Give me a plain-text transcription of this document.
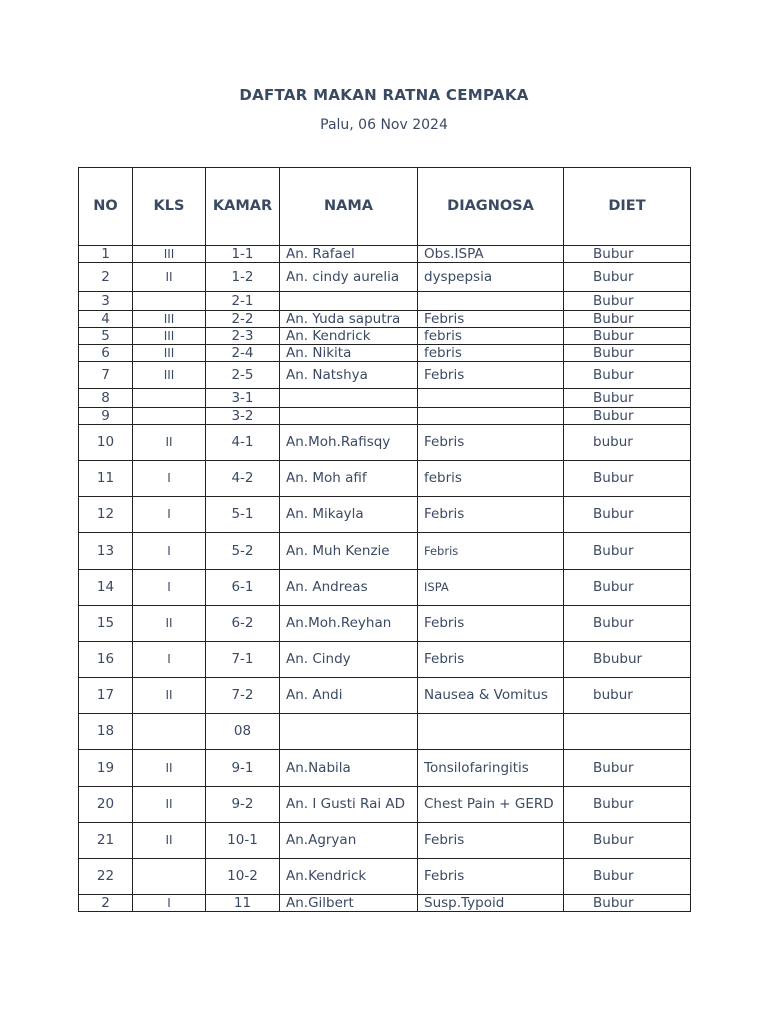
DAFTAR MAKAN RATNA CEMPAKA
Palu, 06 Nov 2024
NO	KLS	KAMAR	NAMA	DIAGNOSA	DIET
1	III	1-1	An. Rafael	Obs.ISPA	Bubur
2	II	1-2	An. cindy aurelia	dyspepsia	Bubur
3		2-1			Bubur
4	III	2-2	An. Yuda saputra	Febris	Bubur
5	III	2-3	An. Kendrick	febris	Bubur
6	III	2-4	An. Nikita	febris	Bubur
7	III	2-5	An. Natshya	Febris	Bubur
8		3-1			Bubur
9		3-2			Bubur
10	II	4-1	An.Moh.Rafisqy	Febris	bubur
11	I	4-2	An. Moh afif	febris	Bubur
12	I	5-1	An. Mikayla	Febris	Bubur
13	I	5-2	An. Muh Kenzie	Febris	Bubur
14	I	6-1	An. Andreas	ISPA	Bubur
15	II	6-2	An.Moh.Reyhan	Febris	Bubur
16	I	7-1	An. Cindy	Febris	Bbubur
17	II	7-2	An. Andi	Nausea & Vomitus	bubur
18		08			
19	II	9-1	An.Nabila	Tonsilofaringitis	Bubur
20	II	9-2	An. I Gusti Rai AD	Chest Pain + GERD	Bubur
21	II	10-1	An.Agryan	Febris	Bubur
22		10-2	An.Kendrick	Febris	Bubur
2	I	11	An.Gilbert	Susp.Typoid	Bubur
